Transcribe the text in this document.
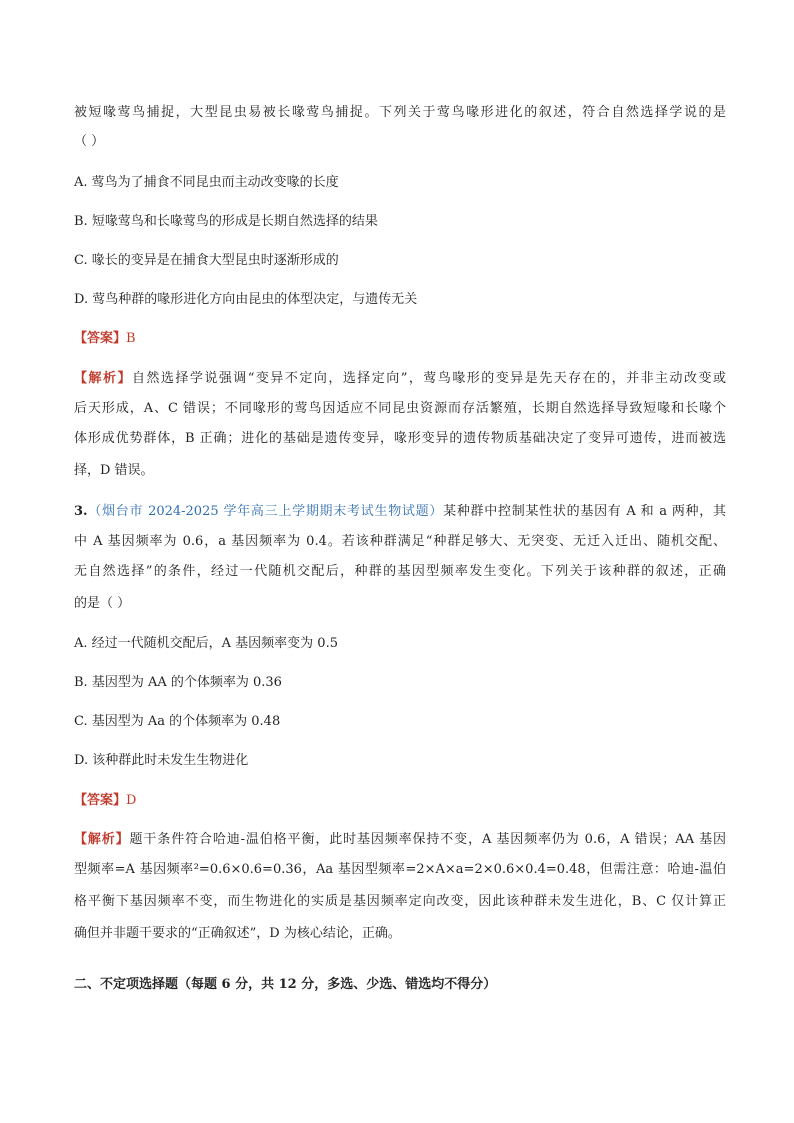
被短喙莺鸟捕捉，大型昆虫易被长喙莺鸟捕捉。下列关于莺鸟喙形进化的叙述，符合自然选择学说的是
（ ）
A. 莺鸟为了捕食不同昆虫而主动改变喙的长度
B. 短喙莺鸟和长喙莺鸟的形成是长期自然选择的结果
C. 喙长的变异是在捕食大型昆虫时逐渐形成的
D. 莺鸟种群的喙形进化方向由昆虫的体型决定，与遗传无关
【答案】B
【解析】自然选择学说强调“变异不定向，选择定向”，莺鸟喙形的变异是先天存在的，并非主动改变或
后天形成，A、C 错误；不同喙形的莺鸟因适应不同昆虫资源而存活繁殖，长期自然选择导致短喙和长喙个
体形成优势群体，B 正确；进化的基础是遗传变异，喙形变异的遗传物质基础决定了变异可遗传，进而被选
择，D 错误。
3.（烟台市 2024-2025 学年高三上学期期末考试生物试题）某种群中控制某性状的基因有 A 和 a 两种，其
中 A 基因频率为 0.6，a 基因频率为 0.4。若该种群满足“种群足够大、无突变、无迁入迁出、随机交配、
无自然选择”的条件，经过一代随机交配后，种群的基因型频率发生变化。下列关于该种群的叙述，正确
的是（ ）
A. 经过一代随机交配后，A 基因频率变为 0.5
B. 基因型为 AA 的个体频率为 0.36
C. 基因型为 Aa 的个体频率为 0.48
D. 该种群此时未发生生物进化
【答案】D
【解析】题干条件符合哈迪-温伯格平衡，此时基因频率保持不变，A 基因频率仍为 0.6，A 错误；AA 基因
型频率=A 基因频率²=0.6×0.6=0.36，Aa 基因型频率=2×A×a=2×0.6×0.4=0.48，但需注意：哈迪-温伯
格平衡下基因频率不变，而生物进化的实质是基因频率定向改变，因此该种群未发生进化，B、C 仅计算正
确但并非题干要求的“正确叙述”，D 为核心结论，正确。
二、不定项选择题（每题 6 分，共 12 分，多选、少选、错选均不得分）
